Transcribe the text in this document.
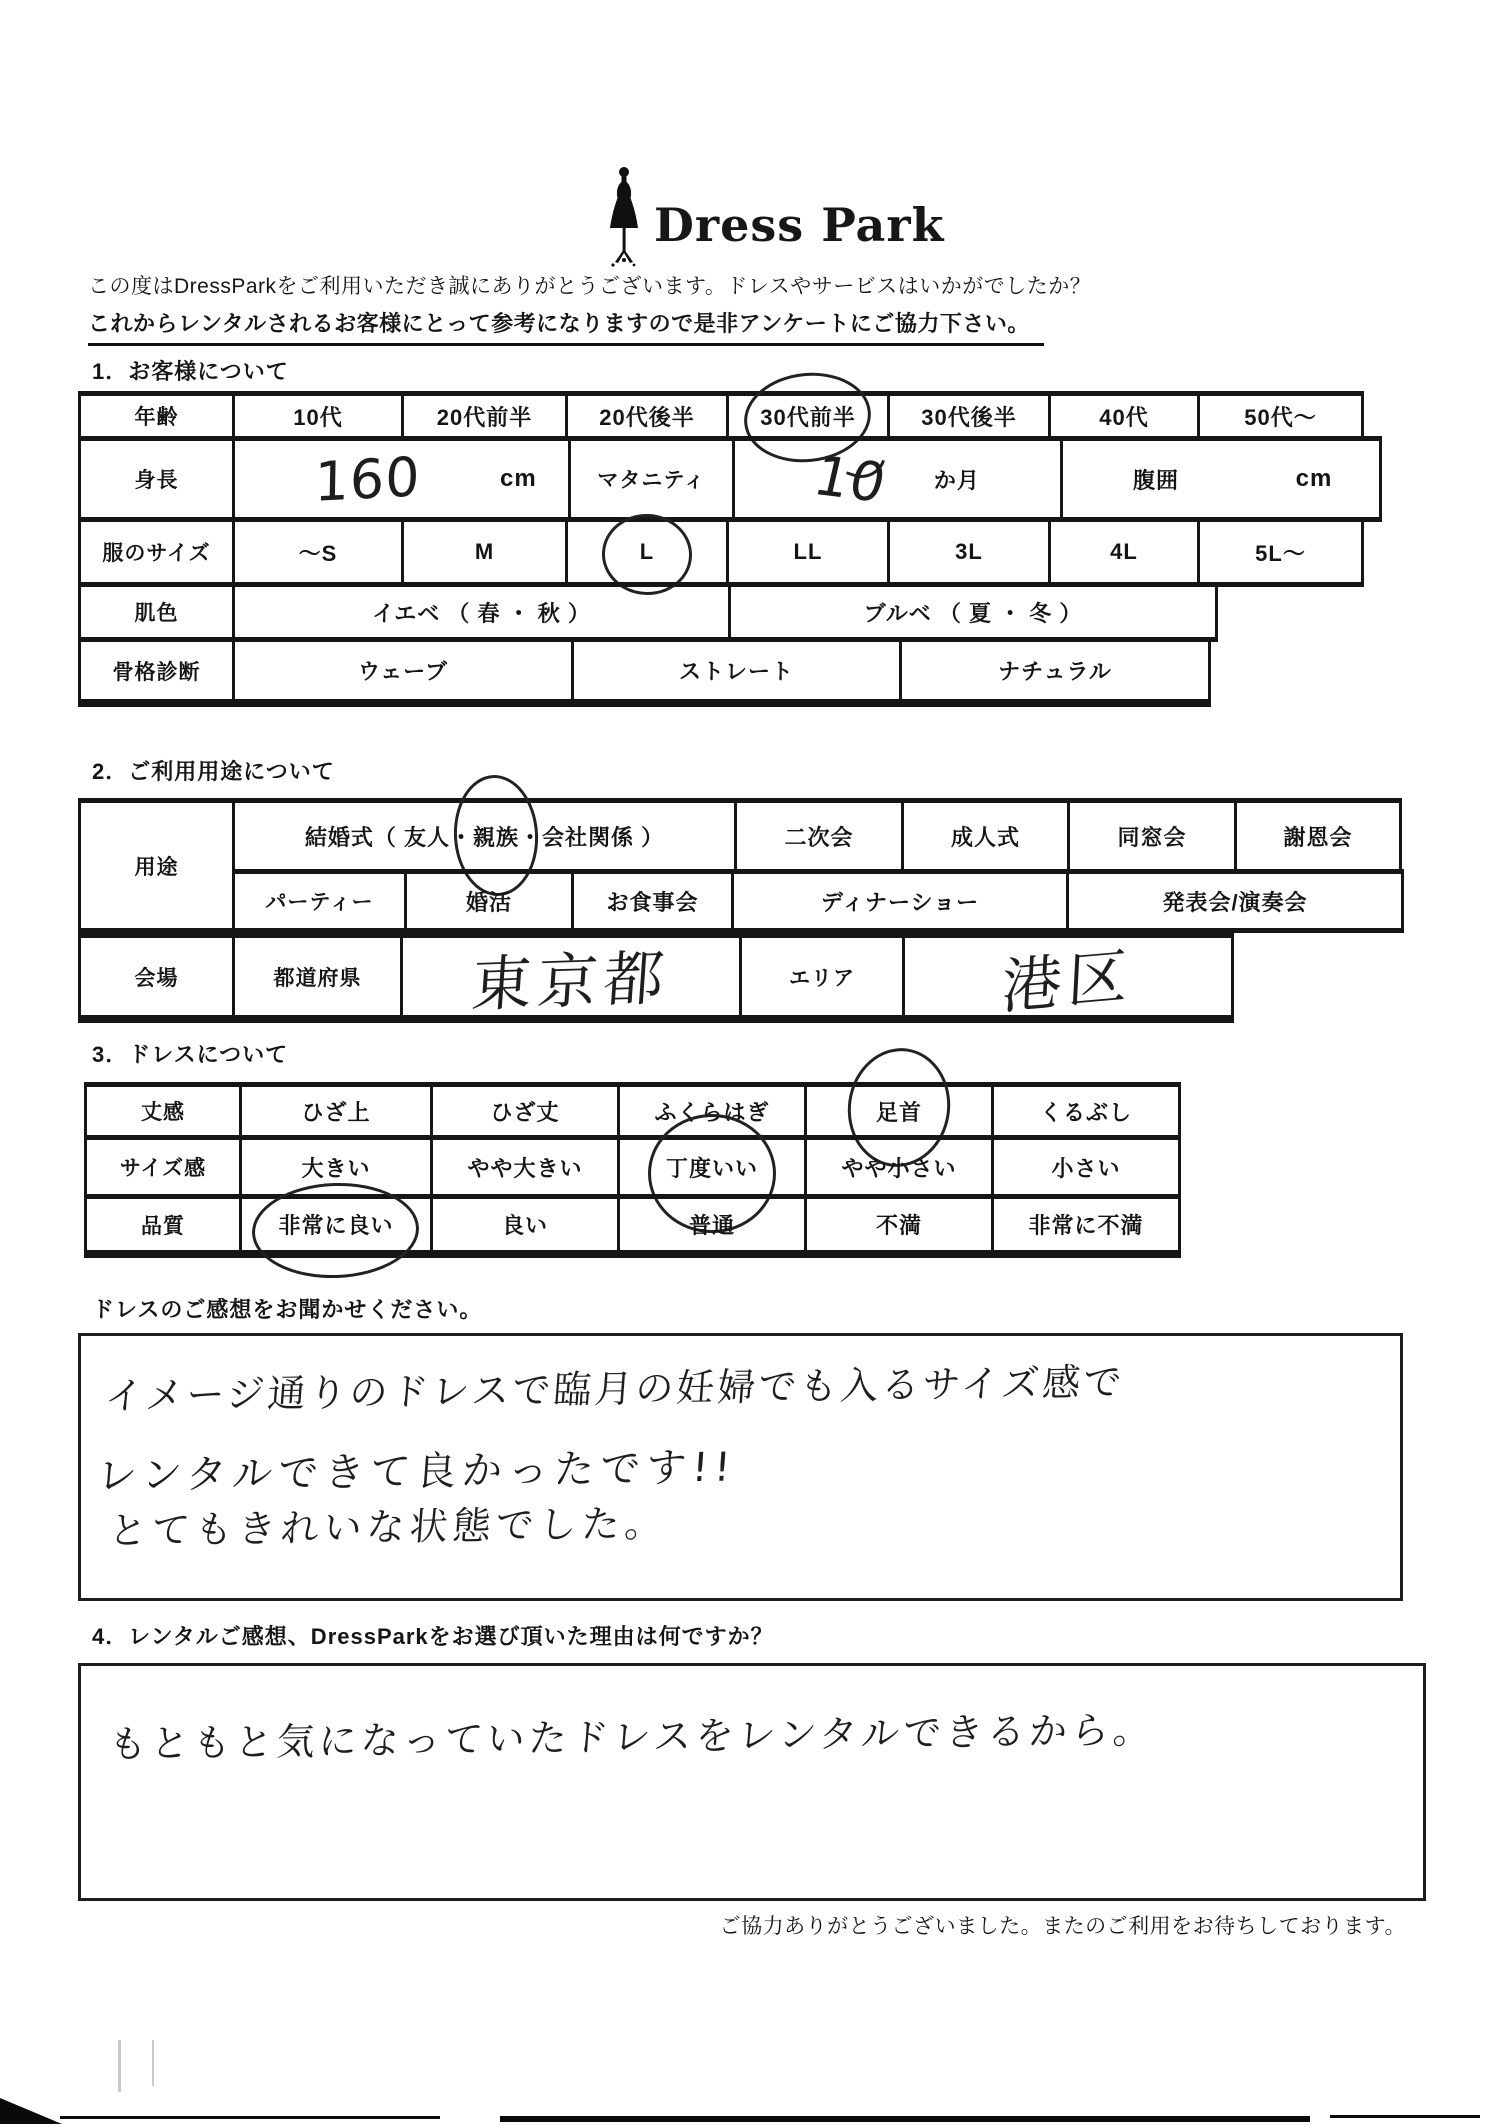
Dress Park
この度はDressParkをご利用いただき誠にありがとうございます。ドレスやサービスはいかがでしたか？
これからレンタルされるお客様にとって参考になりますので是非アンケートにご協力下さい。
1．お客様について
年齢	10代	20代前半	20代後半	30代前半	30代後半	40代	50代～
身長	160	cm	マタニティ	10 か月	腹囲	cm
服のサイズ	～S	M	L	LL	3L	4L	5L～
肌色	イエベ （ 春 ・ 秋 ）	ブルベ （ 夏 ・ 冬 ）
骨格診断	ウェーブ	ストレート	ナチュラル
2．ご利用用途について
用途
結婚式（ 友人・ 親族 ・会社関係 ）	二次会	成人式	同窓会	謝恩会
パーティー	婚活	お食事会	ディナーショー	発表会/演奏会
会場	都道府県	東京都	エリア	港区
3．ドレスについて
丈感	ひざ上	ひざ丈	ふくらはぎ	足首	くるぶし
サイズ感	大きい	やや大きい	丁度いい	やや小さい	小さい
品質	非常に良い	良い	普通	不満	非常に不満
ドレスのご感想をお聞かせください。
イメージ通りのドレスで臨月の妊婦でも入るサイズ感で
レンタルできて良かったです!!
とてもきれいな状態でした。
4．レンタルご感想、DressParkをお選び頂いた理由は何ですか？
もともと気になっていたドレスをレンタルできるから。
ご協力ありがとうございました。またのご利用をお待ちしております。
